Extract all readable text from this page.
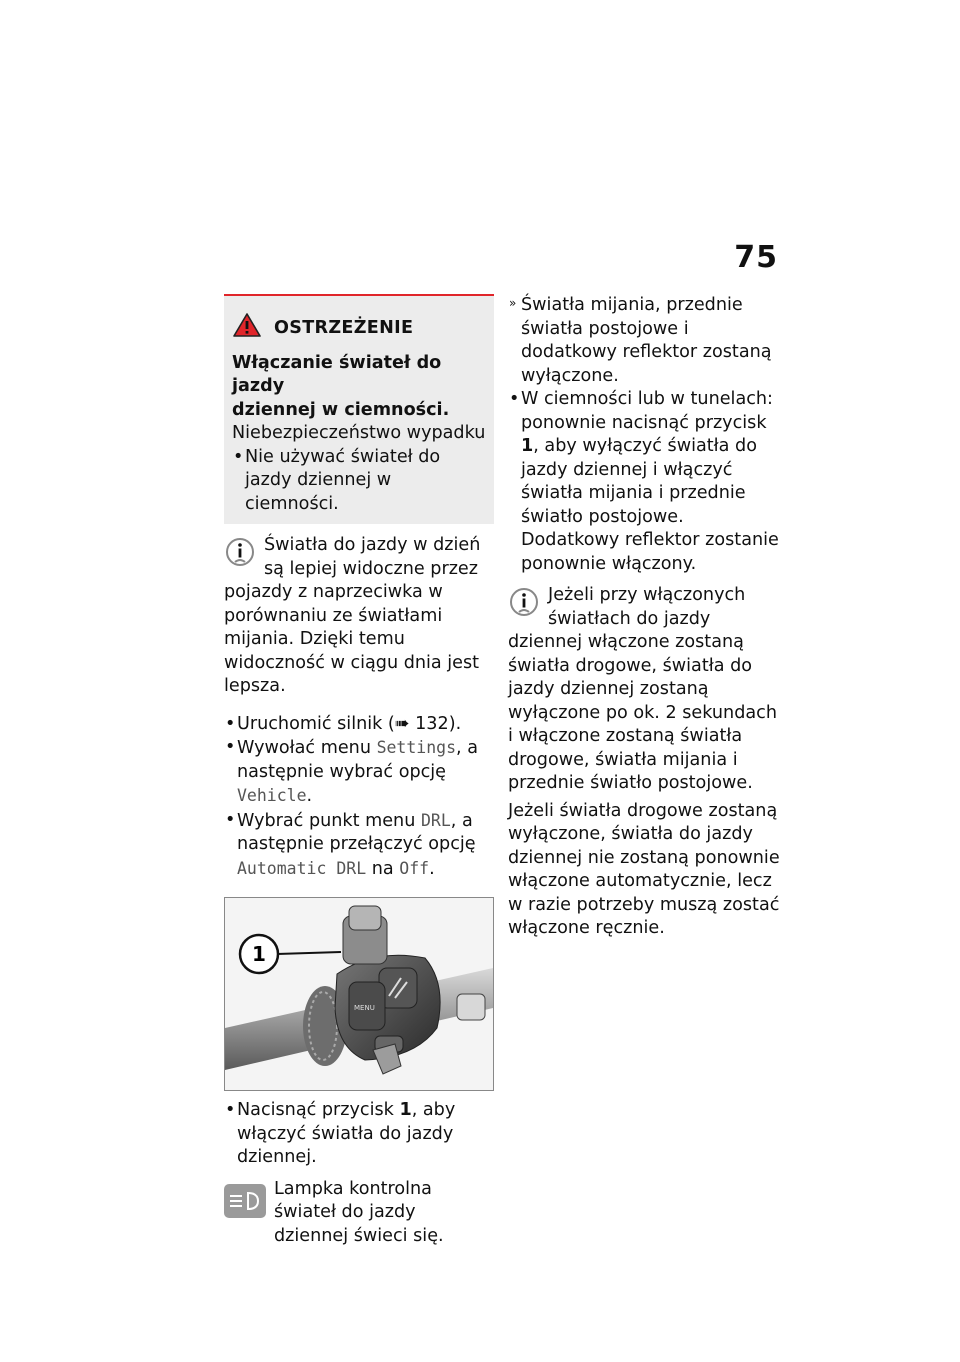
75
OSTRZEŻENIE
Włączanie świateł do jazdy
dziennej w ciemności.
Niebezpieczeństwo wypadku
• Nie używać świateł do jazdy dziennej w ciemności.

Światła do jazdy w dzień są lepiej widoczne przez pojazdy z naprzeciwka w porównaniu ze światłami mijania. Dzięki temu widoczność w ciągu dnia jest lepsza.

• Uruchomić silnik (➠ 132).
• Wywołać menu Settings, a następnie wybrać opcję Vehicle.
• Wybrać punkt menu DRL, a następnie przełączyć opcję Automatic DRL na Off.
MENU
1
• Nacisnąć przycisk 1, aby włączyć światła do jazdy dziennej.

Lampka kontrolna świateł do jazdy dziennej świeci się.

» Światła mijania, przednie światła postojowe i dodatkowy reflektor zostaną wyłączone.
• W ciemności lub w tunelach: ponownie nacisnąć przycisk 1, aby wyłączyć światła do jazdy dziennej i włączyć światła mijania i przednie światło postojowe. Dodatkowy reflektor zostanie ponownie włączony.

Jeżeli przy włączonych światłach do jazdy dziennej włączone zostaną światła drogowe, światła do jazdy dziennej zostaną wyłączone po ok. 2 sekundach i włączone zostaną światła drogowe, światła mijania i przednie światło postojowe.

Jeżeli światła drogowe zostaną wyłączone, światła do jazdy dziennej nie zostaną ponownie włączone automatycznie, lecz w razie potrzeby muszą zostać włączone ręcznie.
